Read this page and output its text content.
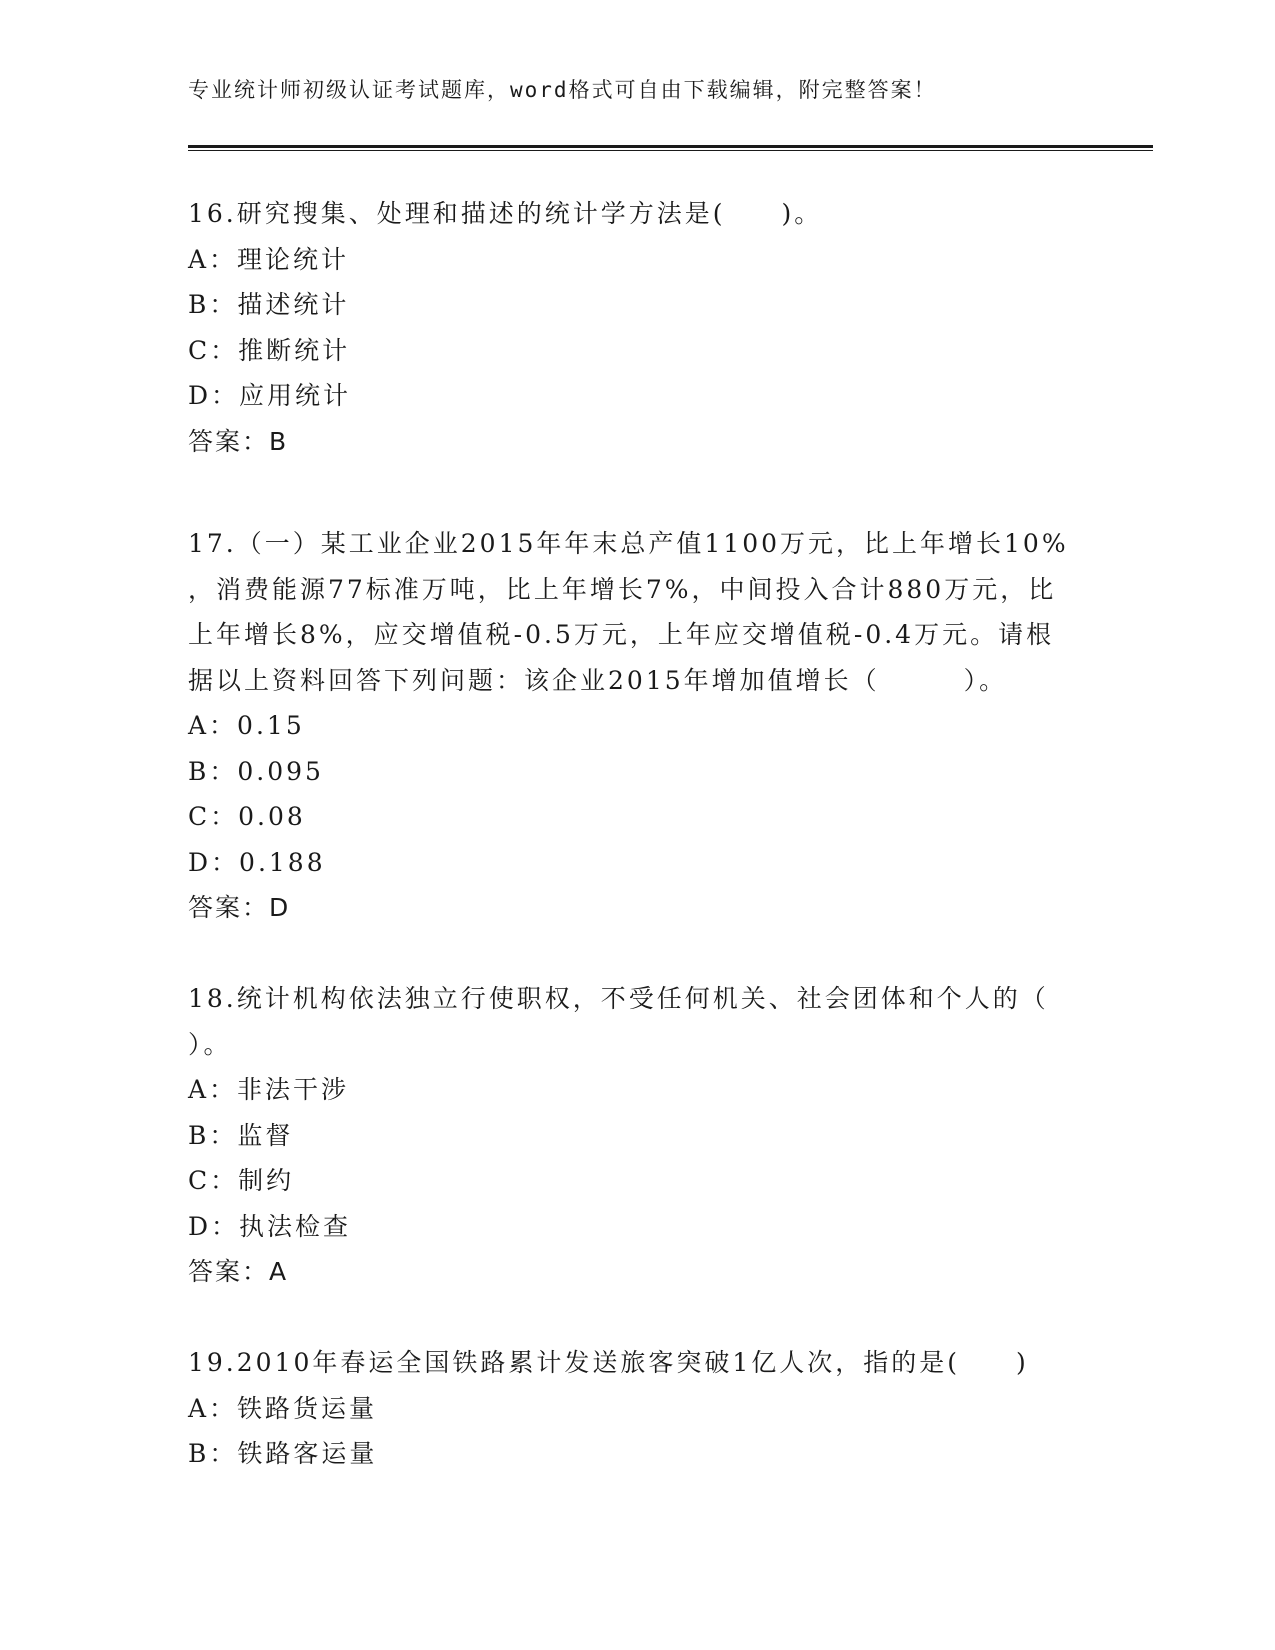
专业统计师初级认证考试题库，word格式可自由下载编辑，附完整答案！
16.研究搜集、处理和描述的统计学方法是(　　)。
A：理论统计
B：描述统计
C：推断统计
D：应用统计
答案：B
17.（一）某工业企业2015年年末总产值1100万元，比上年增长10%
，消费能源77标准万吨，比上年增长7%，中间投入合计880万元，比
上年增长8%，应交增值税-0.5万元，上年应交增值税-0.4万元。请根
据以上资料回答下列问题：该企业2015年增加值增长（　　　）。
A：0.15
B：0.095
C：0.08
D：0.188
答案：D
18.统计机构依法独立行使职权，不受任何机关、社会团体和个人的（
）。
A：非法干涉
B：监督
C：制约
D：执法检查
答案：A
19.2010年春运全国铁路累计发送旅客突破1亿人次，指的是(　　)
A：铁路货运量
B：铁路客运量
